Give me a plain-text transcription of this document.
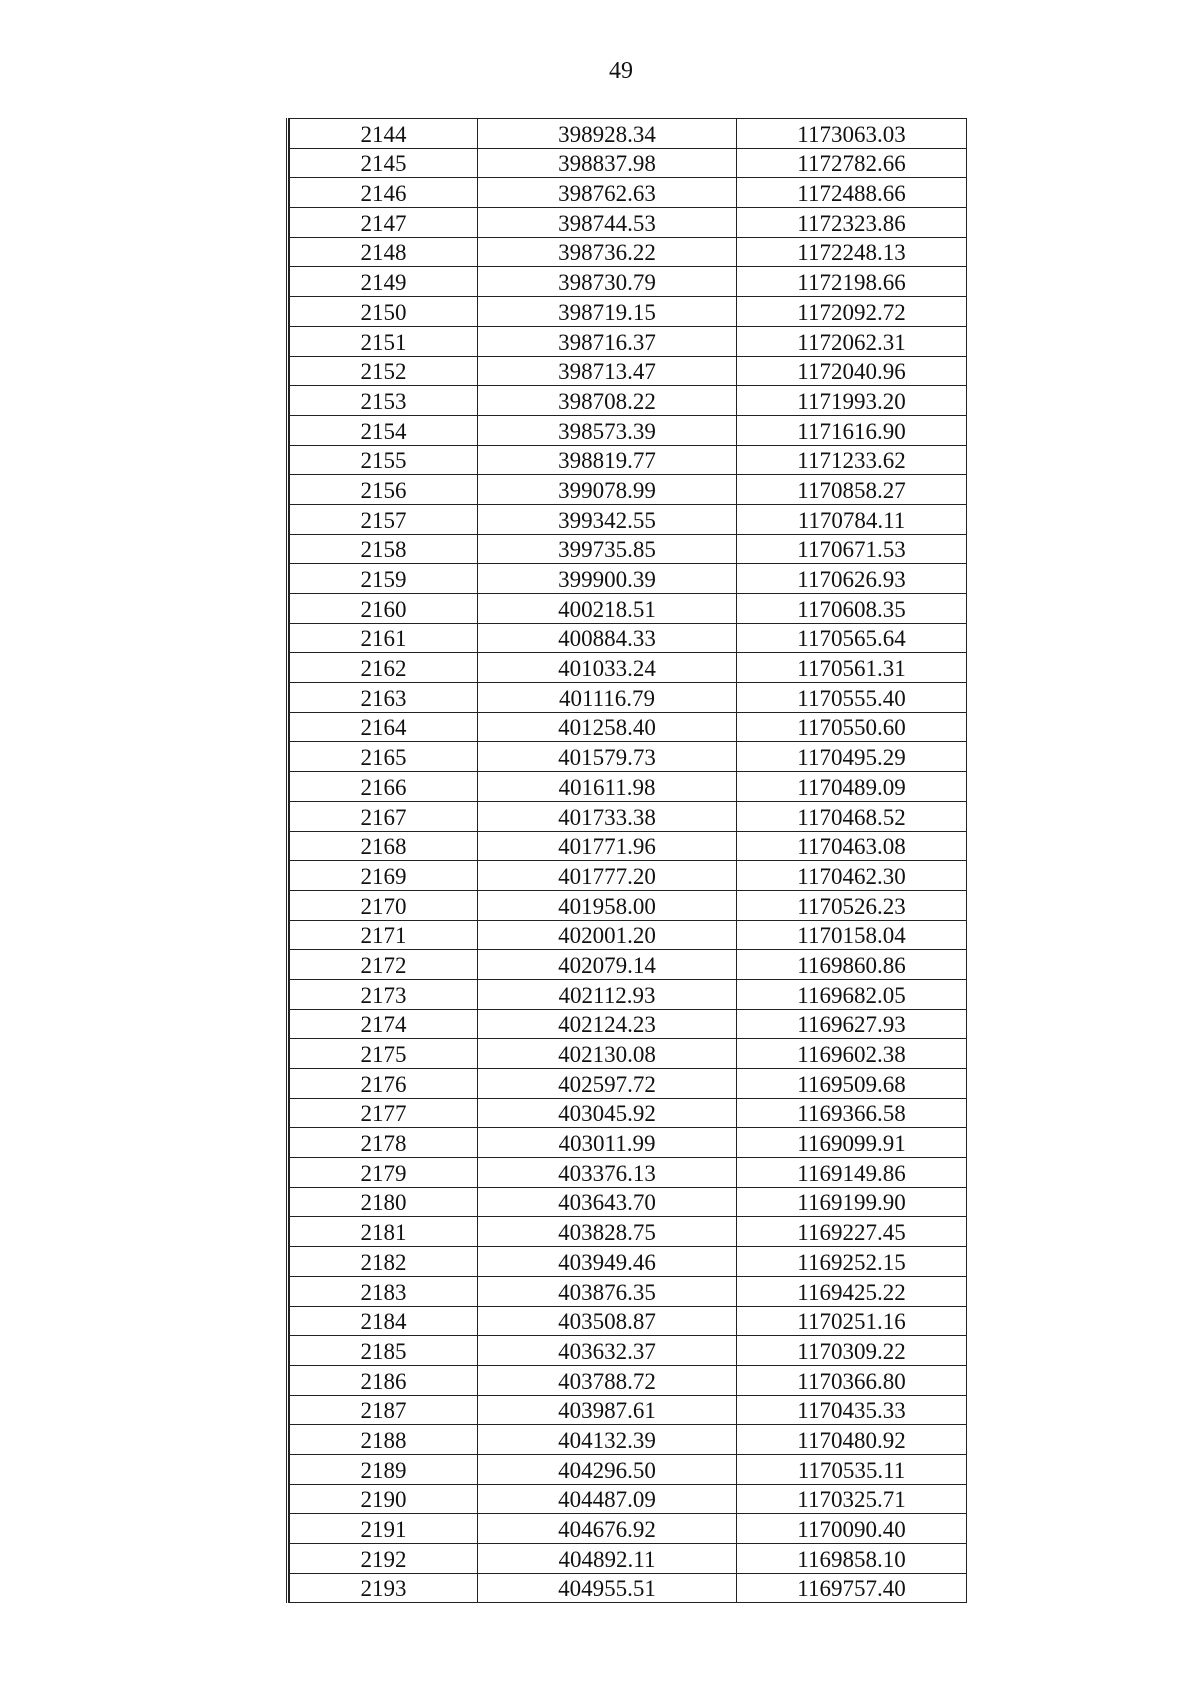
49
2144	398928.34	1173063.03
2145	398837.98	1172782.66
2146	398762.63	1172488.66
2147	398744.53	1172323.86
2148	398736.22	1172248.13
2149	398730.79	1172198.66
2150	398719.15	1172092.72
2151	398716.37	1172062.31
2152	398713.47	1172040.96
2153	398708.22	1171993.20
2154	398573.39	1171616.90
2155	398819.77	1171233.62
2156	399078.99	1170858.27
2157	399342.55	1170784.11
2158	399735.85	1170671.53
2159	399900.39	1170626.93
2160	400218.51	1170608.35
2161	400884.33	1170565.64
2162	401033.24	1170561.31
2163	401116.79	1170555.40
2164	401258.40	1170550.60
2165	401579.73	1170495.29
2166	401611.98	1170489.09
2167	401733.38	1170468.52
2168	401771.96	1170463.08
2169	401777.20	1170462.30
2170	401958.00	1170526.23
2171	402001.20	1170158.04
2172	402079.14	1169860.86
2173	402112.93	1169682.05
2174	402124.23	1169627.93
2175	402130.08	1169602.38
2176	402597.72	1169509.68
2177	403045.92	1169366.58
2178	403011.99	1169099.91
2179	403376.13	1169149.86
2180	403643.70	1169199.90
2181	403828.75	1169227.45
2182	403949.46	1169252.15
2183	403876.35	1169425.22
2184	403508.87	1170251.16
2185	403632.37	1170309.22
2186	403788.72	1170366.80
2187	403987.61	1170435.33
2188	404132.39	1170480.92
2189	404296.50	1170535.11
2190	404487.09	1170325.71
2191	404676.92	1170090.40
2192	404892.11	1169858.10
2193	404955.51	1169757.40
